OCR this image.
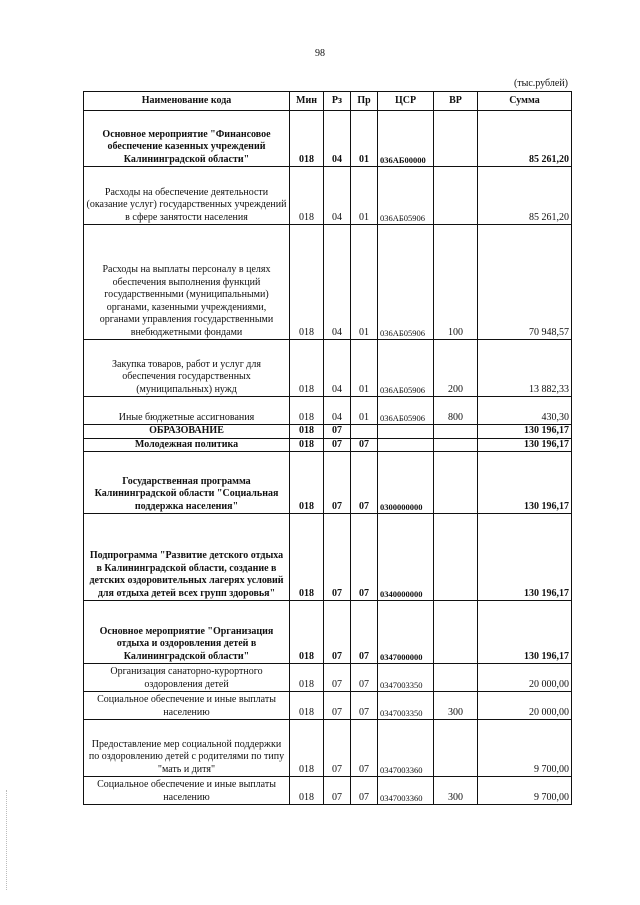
98
(тыс.рублей)
Наименование кода	Мин	Рз	Пр	ЦСР	ВР	Сумма
Основное мероприятие "Финансовое обеспечение казенных учреждений Калининградской области"	018	04	01	036АБ00000		85 261,20
Расходы на обеспечение деятельности (оказание услуг) государственных учреждений в сфере занятости населения	018	04	01	036АБ05906		85 261,20
Расходы на выплаты персоналу в целях обеспечения выполнения функций государственными (муниципальными) органами, казенными учреждениями, органами управления государственными внебюджетными фондами	018	04	01	036АБ05906	100	70 948,57
Закупка товаров, работ и услуг для обеспечения государственных (муниципальных) нужд	018	04	01	036АБ05906	200	13 882,33
Иные бюджетные ассигнования	018	04	01	036АБ05906	800	430,30
ОБРАЗОВАНИЕ	018	07				130 196,17
Молодежная политика	018	07	07			130 196,17
Государственная программа Калининградской области "Социальная поддержка населения"	018	07	07	0300000000		130 196,17
Подпрограмма "Развитие детского отдыха в Калининградской области, создание в детских оздоровительных лагерях условий для отдыха детей всех групп здоровья"	018	07	07	0340000000		130 196,17
Основное мероприятие "Организация отдыха и оздоровления детей в Калининградской области"	018	07	07	0347000000		130 196,17
Организация санаторно-курортного оздоровления детей	018	07	07	0347003350		20 000,00
Социальное обеспечение и иные выплаты населению	018	07	07	0347003350	300	20 000,00
Предоставление мер социальной поддержки по оздоровлению детей с родителями по типу "мать и дитя"	018	07	07	0347003360		9 700,00
Социальное обеспечение и иные выплаты населению	018	07	07	0347003360	300	9 700,00
